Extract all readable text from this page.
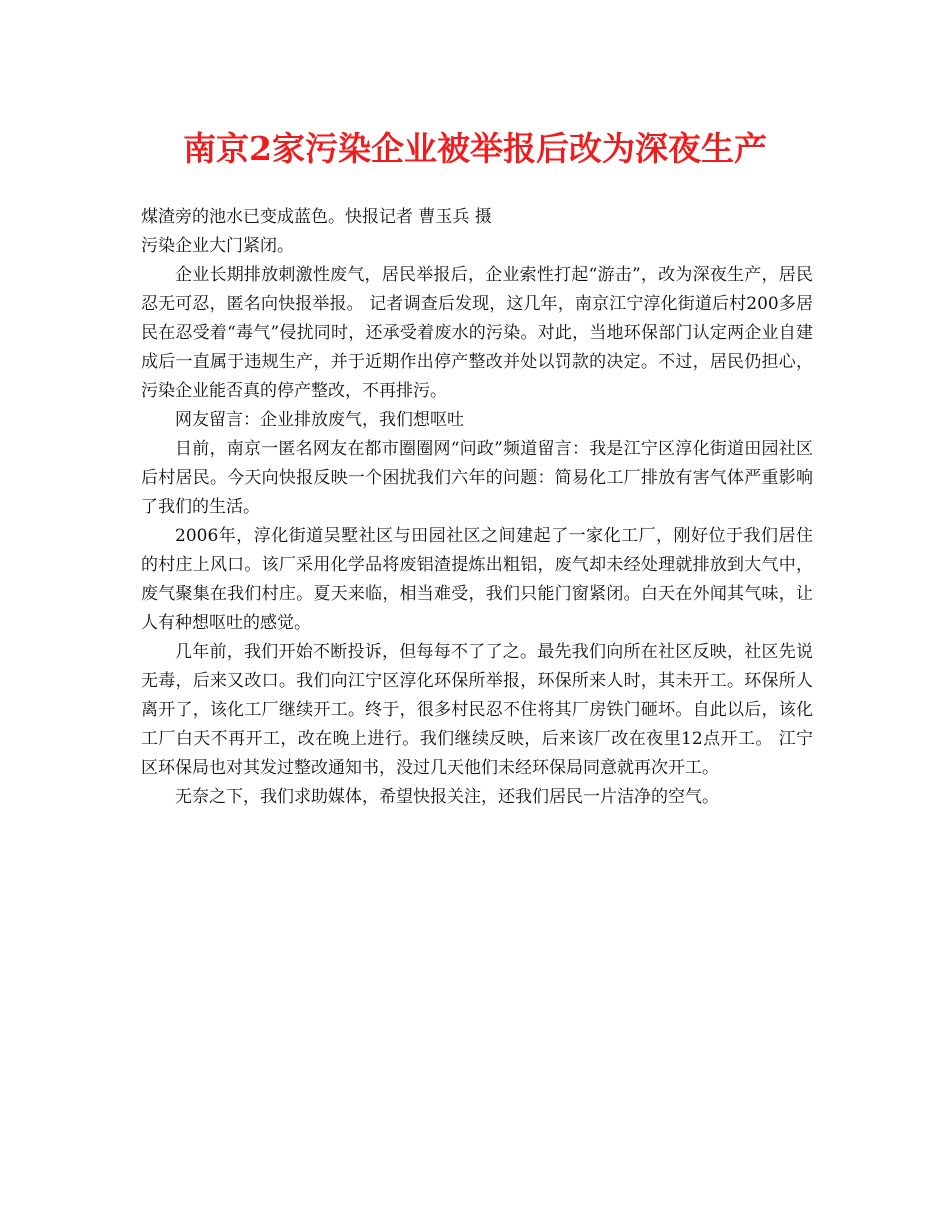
南京2家污染企业被举报后改为深夜生产

煤渣旁的池水已变成蓝色。快报记者 曹玉兵 摄

污染企业大门紧闭。

企业长期排放刺激性废气，居民举报后，企业索性打起“游击”，改为深夜生产，居民忍无可忍，匿名向快报举报。 记者调查后发现，这几年，南京江宁淳化街道后村200多居民在忍受着“毒气”侵扰同时，还承受着废水的污染。对此，当地环保部门认定两企业自建成后一直属于违规生产，并于近期作出停产整改并处以罚款的决定。不过，居民仍担心，污染企业能否真的停产整改，不再排污。

网友留言：企业排放废气，我们想呕吐

日前，南京一匿名网友在都市圈圈网“问政”频道留言：我是江宁区淳化街道田园社区后村居民。今天向快报反映一个困扰我们六年的问题：简易化工厂排放有害气体严重影响了我们的生活。

2006年，淳化街道吴墅社区与田园社区之间建起了一家化工厂，刚好位于我们居住的村庄上风口。该厂采用化学品将废铝渣提炼出粗铝，废气却未经处理就排放到大气中，废气聚集在我们村庄。夏天来临，相当难受，我们只能门窗紧闭。白天在外闻其气味，让人有种想呕吐的感觉。

几年前，我们开始不断投诉，但每每不了了之。最先我们向所在社区反映，社区先说无毒，后来又改口。我们向江宁区淳化环保所举报，环保所来人时，其未开工。环保所人离开了，该化工厂继续开工。终于，很多村民忍不住将其厂房铁门砸坏。自此以后，该化工厂白天不再开工，改在晚上进行。我们继续反映，后来该厂改在夜里12点开工。 江宁区环保局也对其发过整改通知书，没过几天他们未经环保局同意就再次开工。

无奈之下，我们求助媒体，希望快报关注，还我们居民一片洁净的空气。
